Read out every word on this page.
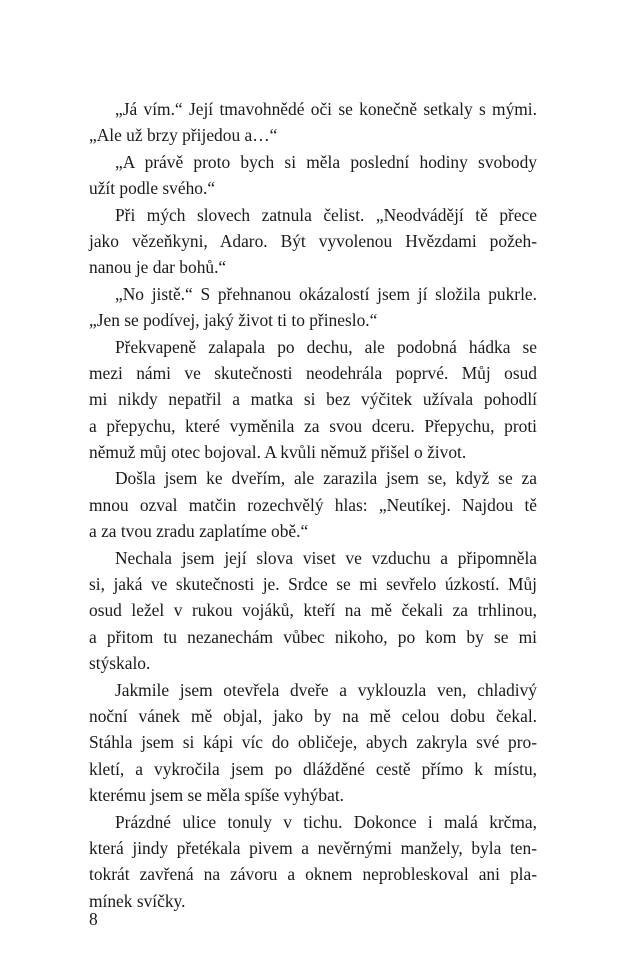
„Já vím.“ Její tmavohnědé oči se konečně setkaly s mými.
„Ale už brzy přijedou a…“
„A právě proto bych si měla poslední hodiny svobody
užít podle svého.“
Při mých slovech zatnula čelist. „Neodvádějí tě přece
jako vězeňkyni, Adaro. Být vyvolenou Hvězdami požeh-
nanou je dar bohů.“
„No jistě.“ S přehnanou okázalostí jsem jí složila pukrle.
„Jen se podívej, jaký život ti to přineslo.“
Překvapeně zalapala po dechu, ale podobná hádka se
mezi námi ve skutečnosti neodehrála poprvé. Můj osud
mi nikdy nepatřil a matka si bez výčitek užívala pohodlí
a přepychu, které vyměnila za svou dceru. Přepychu, proti
němuž můj otec bojoval. A kvůli němuž přišel o život.
Došla jsem ke dveřím, ale zarazila jsem se, když se za
mnou ozval matčin rozechvělý hlas: „Neutíkej. Najdou tě
a za tvou zradu zaplatíme obě.“
Nechala jsem její slova viset ve vzduchu a připomněla
si, jaká ve skutečnosti je. Srdce se mi sevřelo úzkostí. Můj
osud ležel v rukou vojáků, kteří na mě čekali za trhlinou,
a přitom tu nezanechám vůbec nikoho, po kom by se mi
stýskalo.
Jakmile jsem otevřela dveře a vyklouzla ven, chladivý
noční vánek mě objal, jako by na mě celou dobu čekal.
Stáhla jsem si kápi víc do obličeje, abych zakryla své pro-
kletí, a vykročila jsem po dlážděné cestě přímo k místu,
kterému jsem se měla spíše vyhýbat.
Prázdné ulice tonuly v tichu. Dokonce i malá krčma,
která jindy přetékala pivem a nevěrnými manžely, byla ten-
tokrát zavřená na závoru a oknem neprobleskoval ani pla-
mínek svíčky.
8
